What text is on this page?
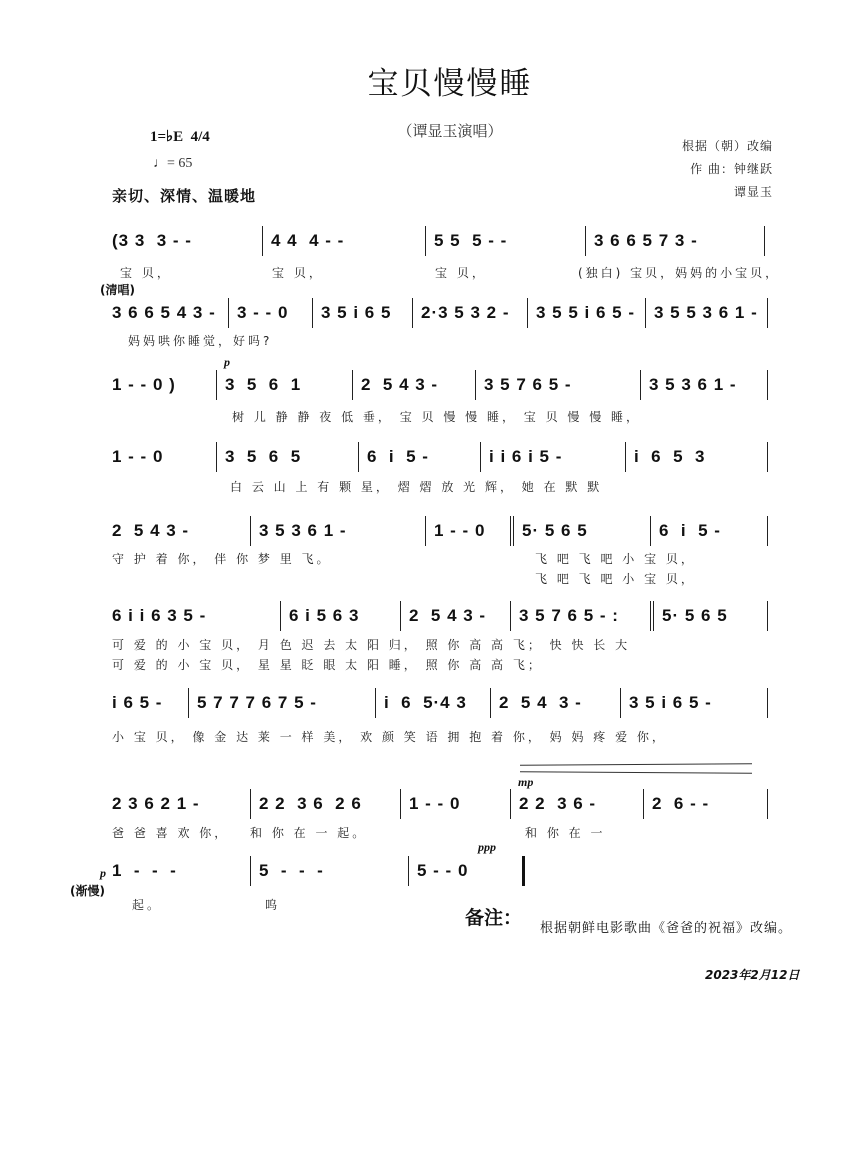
宝贝慢慢睡
（谭显玉演唱）
1=♭E 4/4
♩= 65
根据（朝）改编
作 曲：钟继跃
谭显玉
亲切、深情、温暖地
(3 3  3 - -	4 4  4 - -	5 5  5 - -	3 6 6 5 7 3 -
宝 贝，	宝 贝，	宝 贝，	(独白) 宝贝，妈妈的小宝贝，
3 6 6 5 4 3 -	3 - - 0	3 5 i 6 5	2·3 5 3 2 -	3 5 5 i 6 5 -	3 5 5 3 6 1 -
妈妈哄你睡觉，好吗?
(清唱)
1 - - 0 )	3  5  6  1	2  5 4 3 -	3 5 7 6 5 -	3 5 3 6 1 -
树 儿 静 静 夜 低 垂， 宝 贝 慢 慢 睡， 宝 贝 慢 慢 睡，
p
1 - - 0	3  5  6  5	6  i  5 -	i i 6 i 5 -	i  6  5  3
白 云 山 上 有 颗 星， 熠 熠 放 光 辉， 她 在 默 默
2  5 4 3 -	3 5 3 6 1 -	1 - - 0	5· 5 6 5	6  i  5 -
守 护 着 你， 伴 你 梦 里 飞。	飞 吧 飞 吧 小 宝 贝，
飞 吧 飞 吧 小 宝 贝，
6 i i 6 3 5 -	6 i 5 6 3	2  5 4 3 -	3 5 7 6 5 - :	5· 5 6 5
可 爱 的 小 宝 贝， 月 色 迟 去 太 阳 归， 照 你 高 高 飞； 快 快 长 大
可 爱 的 小 宝 贝， 星 星 眨 眼 太 阳 睡， 照 你 高 高 飞；
i 6 5 -	5 7 7 7 6 7 5 -	i  6  5·4 3	2  5 4  3 -	3 5 i 6 5 -
小 宝 贝， 像 金 达 莱 一 样 美， 欢 颜 笑 语 拥 抱 着 你， 妈 妈 疼 爱 你，
2 3 6 2 1 -	2 2  3 6  2 6	1 - - 0	2 2  3 6 -	2  6 - -
爸 爸 喜 欢 你， 和 你 在 一 起。	和 你 在 一
mp
1  -  -  -	5  -  -  -	5 - - 0
起。	呜
(渐慢)
p
ppp
备注： 根据朝鲜电影歌曲《爸爸的祝福》改编。
2023年2月12日
